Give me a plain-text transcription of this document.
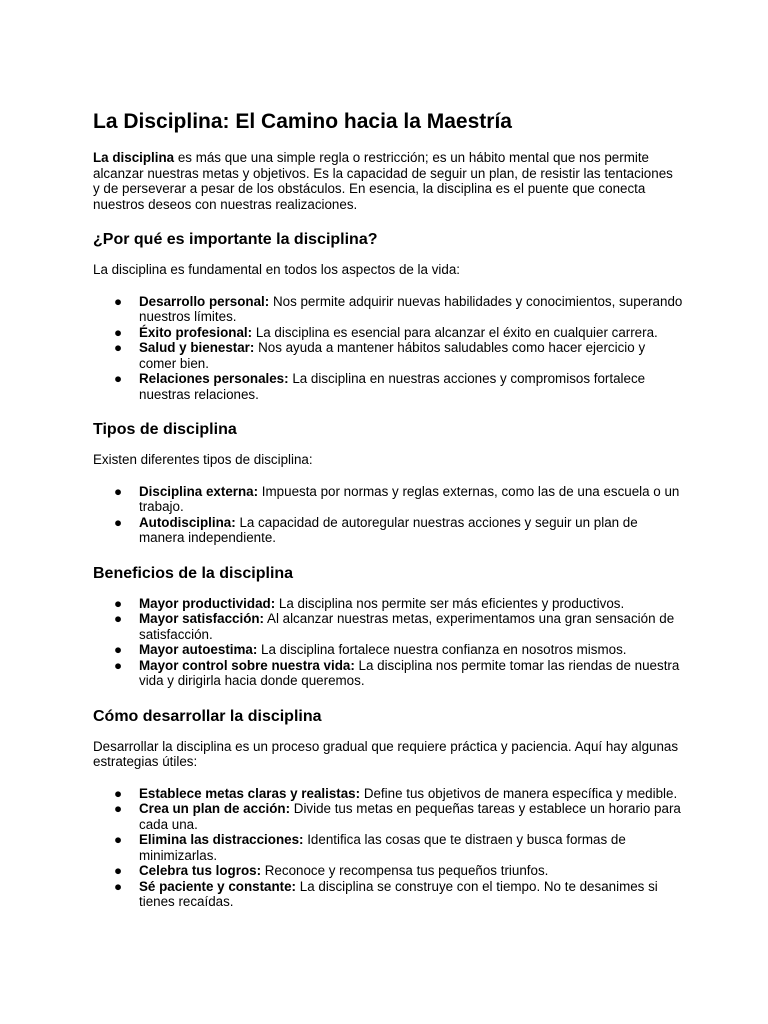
La Disciplina: El Camino hacia la Maestría

La disciplina es más que una simple regla o restricción; es un hábito mental que nos permite alcanzar nuestras metas y objetivos. Es la capacidad de seguir un plan, de resistir las tentaciones y de perseverar a pesar de los obstáculos. En esencia, la disciplina es el puente que conecta nuestros deseos con nuestras realizaciones.

¿Por qué es importante la disciplina?

La disciplina es fundamental en todos los aspectos de la vida:

● Desarrollo personal: Nos permite adquirir nuevas habilidades y conocimientos, superando nuestros límites.
● Éxito profesional: La disciplina es esencial para alcanzar el éxito en cualquier carrera.
● Salud y bienestar: Nos ayuda a mantener hábitos saludables como hacer ejercicio y comer bien.
● Relaciones personales: La disciplina en nuestras acciones y compromisos fortalece nuestras relaciones.
Tipos de disciplina

Existen diferentes tipos de disciplina:

● Disciplina externa: Impuesta por normas y reglas externas, como las de una escuela o un trabajo.
● Autodisciplina: La capacidad de autoregular nuestras acciones y seguir un plan de manera independiente.
Beneficios de la disciplina
● Mayor productividad: La disciplina nos permite ser más eficientes y productivos.
● Mayor satisfacción: Al alcanzar nuestras metas, experimentamos una gran sensación de satisfacción.
● Mayor autoestima: La disciplina fortalece nuestra confianza en nosotros mismos.
● Mayor control sobre nuestra vida: La disciplina nos permite tomar las riendas de nuestra vida y dirigirla hacia donde queremos.
Cómo desarrollar la disciplina

Desarrollar la disciplina es un proceso gradual que requiere práctica y paciencia. Aquí hay algunas estrategias útiles:

● Establece metas claras y realistas: Define tus objetivos de manera específica y medible.
● Crea un plan de acción: Divide tus metas en pequeñas tareas y establece un horario para cada una.
● Elimina las distracciones: Identifica las cosas que te distraen y busca formas de minimizarlas.
● Celebra tus logros: Reconoce y recompensa tus pequeños triunfos.
● Sé paciente y constante: La disciplina se construye con el tiempo. No te desanimes si tienes recaídas.
